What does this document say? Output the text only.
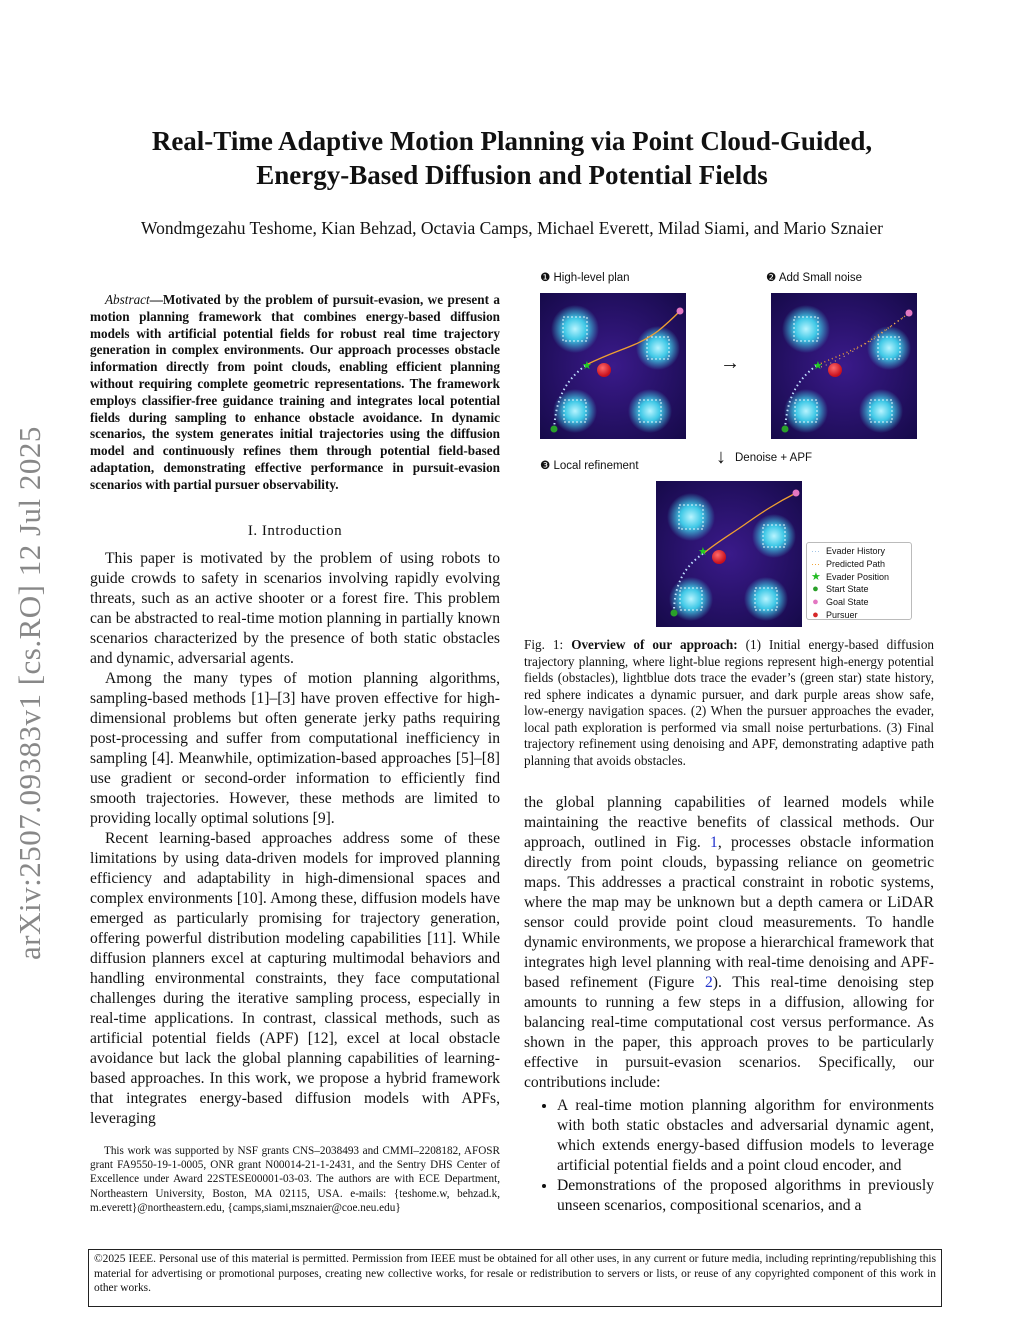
arXiv:2507.09383v1 [cs.RO] 12 Jul 2025
Real-Time Adaptive Motion Planning via Point Cloud-Guided,
Energy-Based Diffusion and Potential Fields
Wondmgezahu Teshome, Kian Behzad, Octavia Camps, Michael Everett, Milad Siami, and Mario Sznaier
Abstract—Motivated by the problem of pursuit-evasion, we present a motion planning framework that combines energy-based diffusion models with artificial potential fields for robust real time trajectory generation in complex environments. Our approach processes obstacle information directly from point clouds, enabling efficient planning without requiring complete geometric representations. The framework employs classifier-free guidance training and integrates local potential fields during sampling to enhance obstacle avoidance. In dynamic scenarios, the system generates initial trajectories using the diffusion model and continuously refines them through potential field-based adaptation, demonstrating effective performance in pursuit-evasion scenarios with partial pursuer observability.
I. Introduction

This paper is motivated by the problem of using robots to guide crowds to safety in scenarios involving rapidly evolving threats, such as an active shooter or a forest fire. This problem can be abstracted to real-time motion planning in partially known scenarios characterized by the presence of both static obstacles and dynamic, adversarial agents.

Among the many types of motion planning algorithms, sampling-based methods [1]–[3] have proven effective for high-dimensional problems but often generate jerky paths requiring post-processing and suffer from computational inefficiency in sampling [4]. Meanwhile, optimization-based approaches [5]–[8] use gradient or second-order information to efficiently find smooth trajectories. However, these methods are limited to providing locally optimal solutions [9].

Recent learning-based approaches address some of these limitations by using data-driven models for improved planning efficiency and adaptability in high-dimensional spaces and complex environments [10]. Among these, diffusion models have emerged as particularly promising for trajectory generation, offering powerful distribution modeling capabilities [11]. While diffusion planners excel at capturing multimodal behaviors and handling environmental constraints, they face computational challenges during the iterative sampling process, especially in real-time applications. In contrast, classical methods, such as artificial potential fields (APF) [12], excel at local obstacle avoidance but lack the global planning capabilities of learning-based approaches. In this work, we propose a hybrid framework that integrates energy-based diffusion models with APFs, leveraging

This work was supported by NSF grants CNS–2038493 and CMMI–2208182, AFOSR grant FA9550-19-1-0005, ONR grant N00014-21-1-2431, and the Sentry DHS Center of Excellence under Award 22STESE00001-03-03. The authors are with ECE Department, Northeastern University, Boston, MA 02115, USA. e-mails: {teshome.w, behzad.k, m.everett}@northeastern.edu, {camps,siami,msznaier@coe.neu.edu}
❶ High-level plan	❷ Add Small noise
❸ Local refinement
→
↓ Denoise + APF
★	★
★	⋯ Evader History
⋯ Predicted Path
★ Evader Position
● Start State
● Goal State
● Pursuer
Fig. 1: Overview of our approach: (1) Initial energy-based diffusion trajectory planning, where light-blue regions represent high-energy potential fields (obstacles), lightblue dots trace the evader’s (green star) state history, red sphere indicates a dynamic pursuer, and dark purple areas show safe, low-energy navigation spaces. (2) When the pursuer approaches the evader, local path exploration is performed via small noise perturbations. (3) Final trajectory refinement using denoising and APF, demonstrating adaptive path planning that avoids obstacles.

the global planning capabilities of learned models while maintaining the reactive benefits of classical methods. Our approach, outlined in Fig. 1, processes obstacle information directly from point clouds, bypassing reliance on geometric maps. This addresses a practical constraint in robotic systems, where the map may be unknown but a depth camera or LiDAR sensor could provide point cloud measurements. To handle dynamic environments, we propose a hierarchical framework that integrates high level planning with real-time denoising and APF-based refinement (Figure 2). This real-time denoising step amounts to running a few steps in a diffusion, allowing for balancing real-time computational cost versus performance. As shown in the paper, this approach proves to be particularly effective in pursuit-evasion scenarios. Specifically, our contributions include:

• A real-time motion planning algorithm for environments with both static obstacles and adversarial dynamic agent, which extends energy-based diffusion models to leverage artificial potential fields and a point cloud encoder, and
• Demonstrations of the proposed algorithms in previously unseen scenarios, compositional scenarios, and a
©2025 IEEE. Personal use of this material is permitted. Permission from IEEE must be obtained for all other uses, in any current or future media, including reprinting/republishing this material for advertising or promotional purposes, creating new collective works, for resale or redistribution to servers or lists, or reuse of any copyrighted component of this work in other works.
